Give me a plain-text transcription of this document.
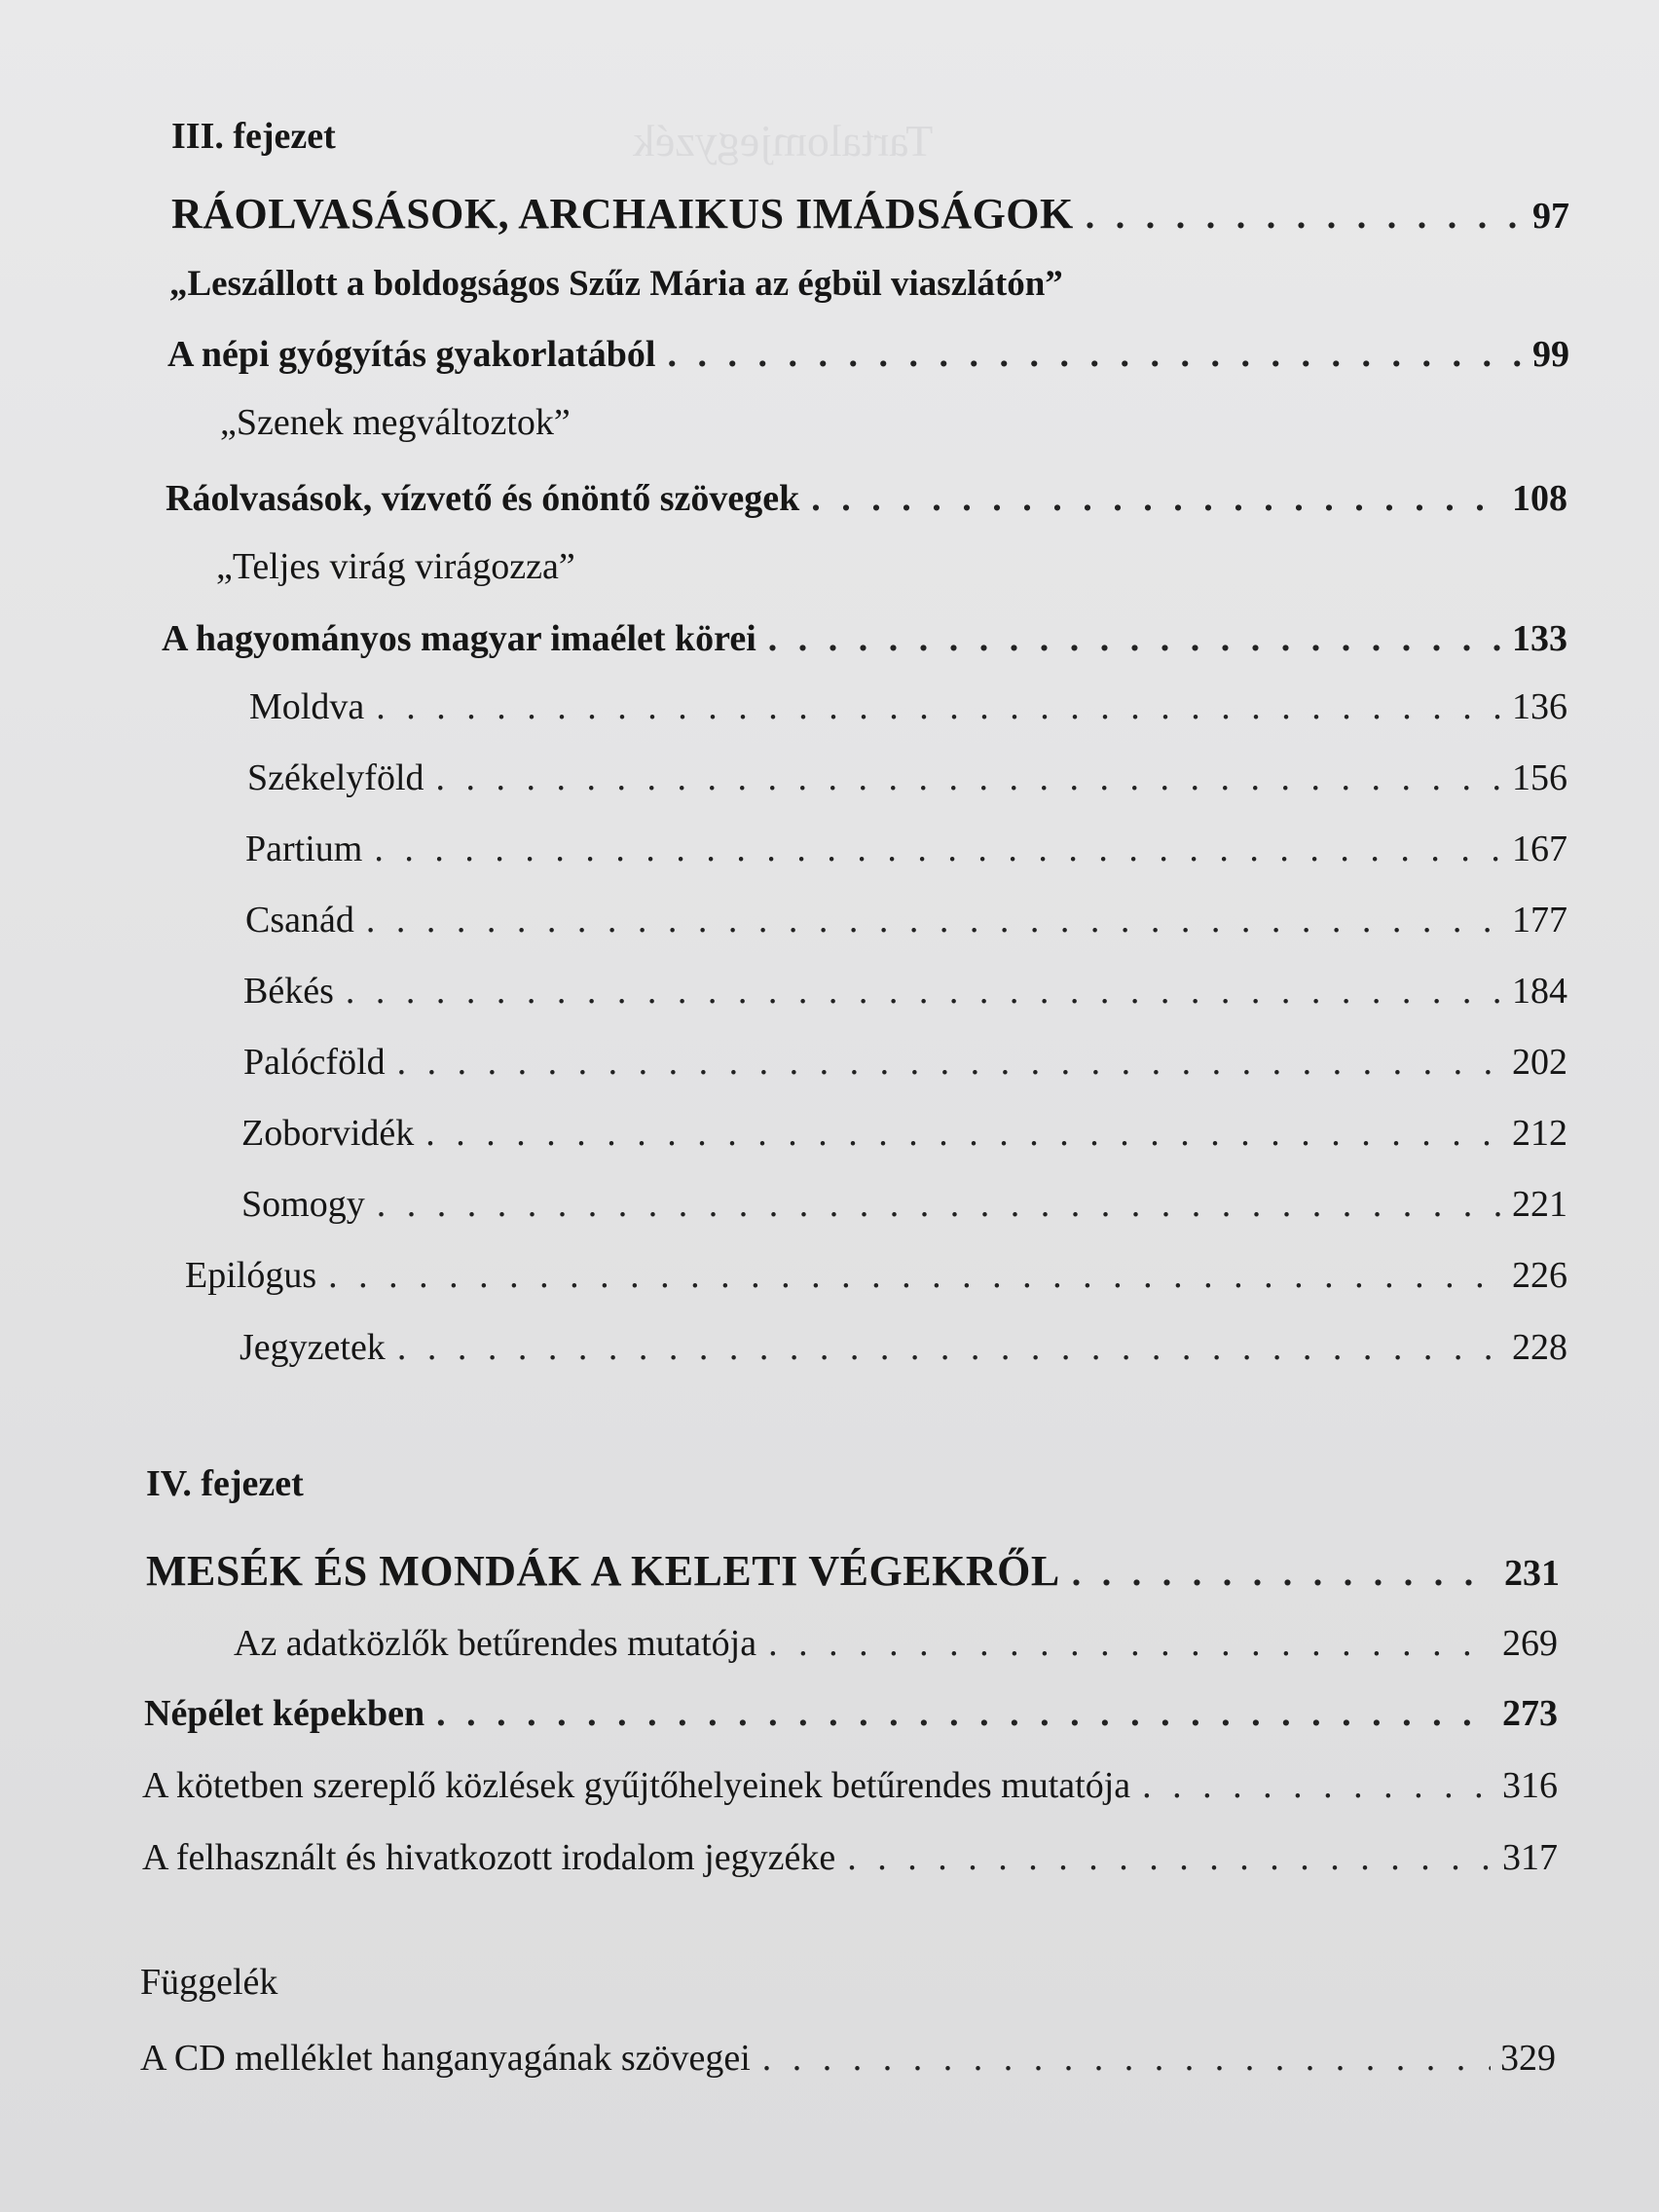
Tartalomjegyzék
III. fejezet
RÁOLVASÁSOK, ARCHAIKUS IMÁDSÁGOK . . .	97
„Leszállott a boldogságos Szűz Mária az égbül viaszlátón”
A népi gyógyítás gyakorlatából . . .	99
„Szenek megváltoztok”
Ráolvasások, vízvető és ónöntő szövegek . . .	108
„Teljes virág virágozza”
A hagyományos magyar imaélet körei . . .	133
Moldva . . .	136
Székelyföld . . .	156
Partium . . .	167
Csanád . . .	177
Békés . . .	184
Palócföld . . .	202
Zoborvidék . . .	212
Somogy . . .	221
Epilógus . . .	226
Jegyzetek . . .	228
IV. fejezet
MESÉK ÉS MONDÁK A KELETI VÉGEKRŐL . . .	231
Az adatközlők betűrendes mutatója . . .	269
Népélet képekben . . .	273
A kötetben szereplő közlések gyűjtőhelyeinek betűrendes mutatója . . .	316
A felhasznált és hivatkozott irodalom jegyzéke . . .	317
Függelék
A CD melléklet hanganyagának szövegei . . .	329
